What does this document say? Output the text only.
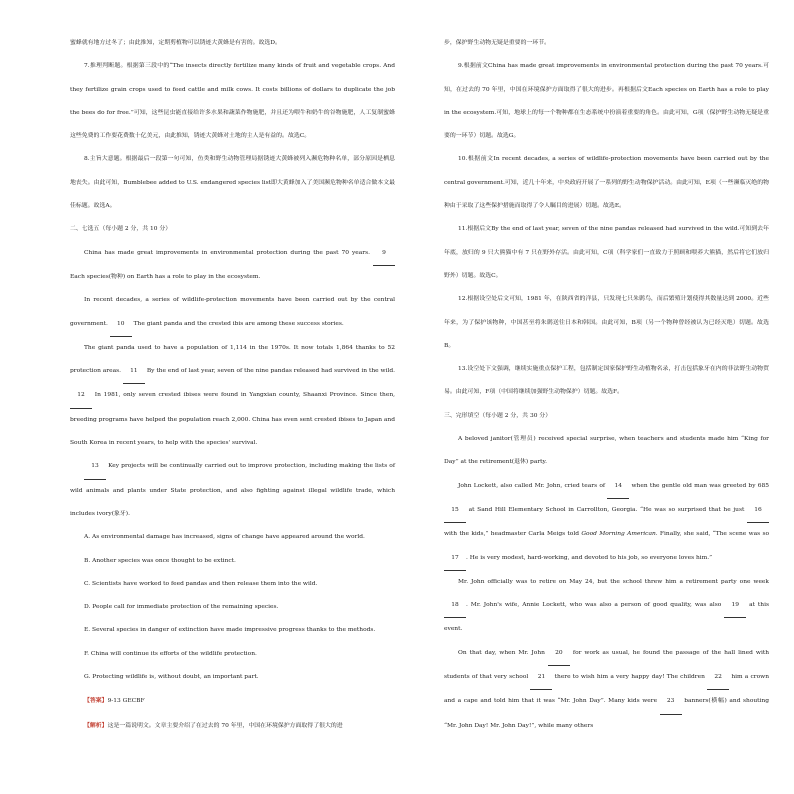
蜜蜂就有地方过冬了；由此推知，定期剪植物可以锈迹大黄蜂是有害的。故选D。

7.推理判断题。根据第三段中的“The insects directly fertilize many kinds of fruit and vegetable crops. And they fertilize grain crops used to feed cattle and milk cows. It costs billions of dollars to duplicate the job the bees do for free.”可知，这些昆虫能直接给许多水果和蔬菜作物施肥，并且还为喂牛和奶牛的谷物施肥，人工复制蜜蜂这些免费的工作要花费数十亿美元，由此推知，锈迹大黄蜂对土地的主人是有益的。故选C。

8.主旨大意题。根据最后一段第一句可知，鱼类和野生动物管理局据锈迹大黄蜂被列入濒危物种名单，部分原因是栖息地丧失。由此可知，Bumblebee added to U.S. endangered species list即大黄蜂加入了美国濒危物种名单适合做本文最佳标题。故选A。

二、七选五（每小题 2 分，共 10 分）

China has made great improvements in environmental protection during the past 70 years. 9 Each species(物种) on Earth has a role to play in the ecosystem.

In recent decades, a series of wildlife-protection movements have been carried out by the central government. 10 The giant panda and the crested ibis are among these success stories.

The giant panda used to have a population of 1,114 in the 1970s. It now totals 1,864 thanks to 52 protection areas. 11 By the end of last year, seven of the nine pandas released had survived in the wild. 12 In 1981, only seven crested ibises were found in Yangxian county, Shaanxi Province. Since then, breeding programs have helped the population reach 2,000. China has even sent crested ibises to Japan and South Korea in recent years, to help with the species' survival.

13 Key projects will be continually carried out to improve protection, including making the lists of wild animals and plants under State protection, and also fighting against illegal wildlife trade, which includes ivory(象牙).

A. As environmental damage has increased, signs of change have appeared around the world.

B. Another species was once thought to be extinct.

C. Scientists have worked to feed pandas and then release them into the wild.

D. People call for immediate protection of the remaining species.

E. Several species in danger of extinction have made impressive progress thanks to the methods.

F. China will continue its efforts of the wildlife protection.

G. Protecting wildlife is, without doubt, an important part.

【答案】9-13 GECBF

【解析】这是一篇说明文。文章主要介绍了在过去的 70 年里，中国在环境保护方面取得了很大的进

步，保护野生动物无疑是重要的一环节。

9.根据前文China has made great improvements in environmental protection during the past 70 years.可知，在过去的 70 年里，中国在环境保护方面取得了很大的进步。再根据后文Each species on Earth has a role to play in the ecosystem.可知，地球上的每一个物种都在生态系统中扮演着重要的角色。由此可知，G项（保护野生动物无疑是重要的一环节）切题。故选G。

10.根据前文In recent decades, a series of wildlife-protection movements have been carried out by the central government.可知，近几十年来，中央政府开展了一系列的野生动物保护活动。由此可知，E项（一些濒临灭绝的物种由于采取了这些保护措施而取得了令人瞩目的进展）切题。故选E。

11.根据后文By the end of last year, seven of the nine pandas released had survived in the wild.可知到去年年底，放归的 9 只大熊猫中有 7 只在野外存活。由此可知，C项（科学家们一直致力于照顾和喂养大熊猫，然后将它们放归野外）切题。故选C。

12.根据设空处后文可知，1981 年，在陕西省的洋县，只发现七只朱鹮鸟，而后繁殖计划使得其数量达到 2000。近些年来，为了保护该物种，中国甚至将朱鹮送往日本和韩国。由此可知，B项（另一个物种曾经被认为已经灭绝）切题。故选B。

13.设空处下文强调，继续实施重点保护工程，包括制定国家保护野生动植物名录，打击包括象牙在内的非法野生动物贸易。由此可知，F项（中国将继续加强野生动物保护）切题。故选F。

三、完形填空（每小题 2 分，共 30 分）

A beloved janitor(管理员) received special surprise, when teachers and students made him “King for Day” at the retirement(退休) party.

John Lockett, also called Mr. John, cried tears of 14 when the gentle old man was greeted by 685 15 at Sand Hill Elementary School in Carrollton, Georgia. “He was so surprised that he just 16 with the kids,” headmaster Carla Meigs told Good Morning American. Finally, she said, “The scene was so 17 . He is very modest, hard-working, and devoted to his job, so everyone loves him.”

Mr. John officially was to retire on May 24, but the school threw him a retirement party one week 18 . Mr. John's wife, Annie Lockett, who was also a person of good quality, was also 19 at this event.

On that day, when Mr. John 20 for work as usual, he found the passage of the hall lined with students of that very school 21 there to wish him a very happy day! The children 22 him a crown and a cape and told him that it was “Mr. John Day”. Many kids were 23 banners(横幅) and shouting “Mr. John Day! Mr. John Day!”, while many others
